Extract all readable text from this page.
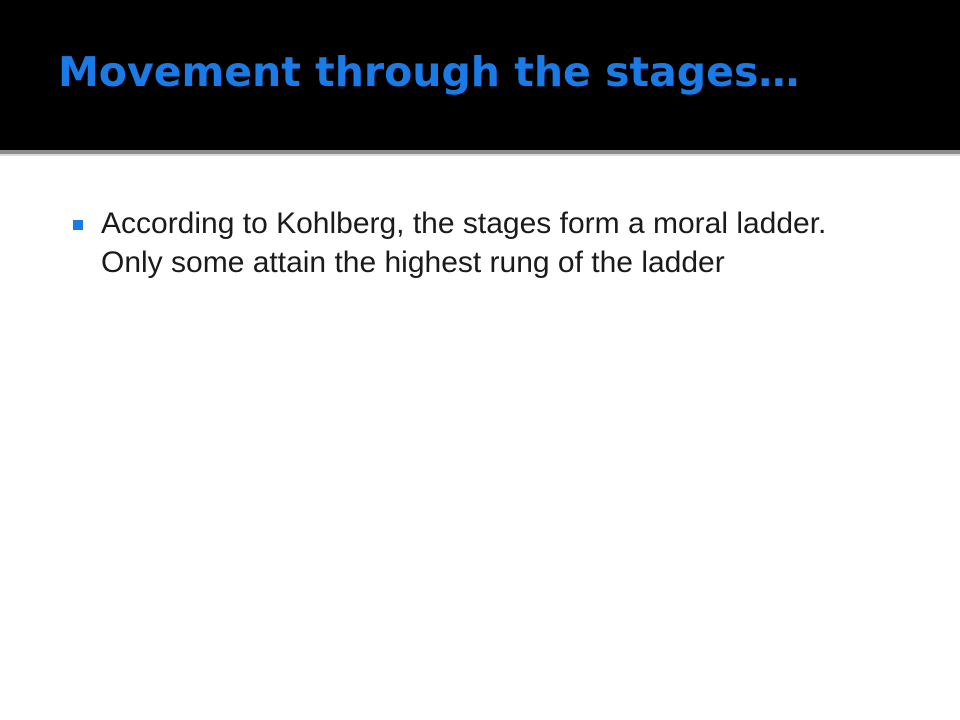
Movement through the stages…
According to Kohlberg, the stages form a moral ladder. Only some attain the highest rung of the ladder
